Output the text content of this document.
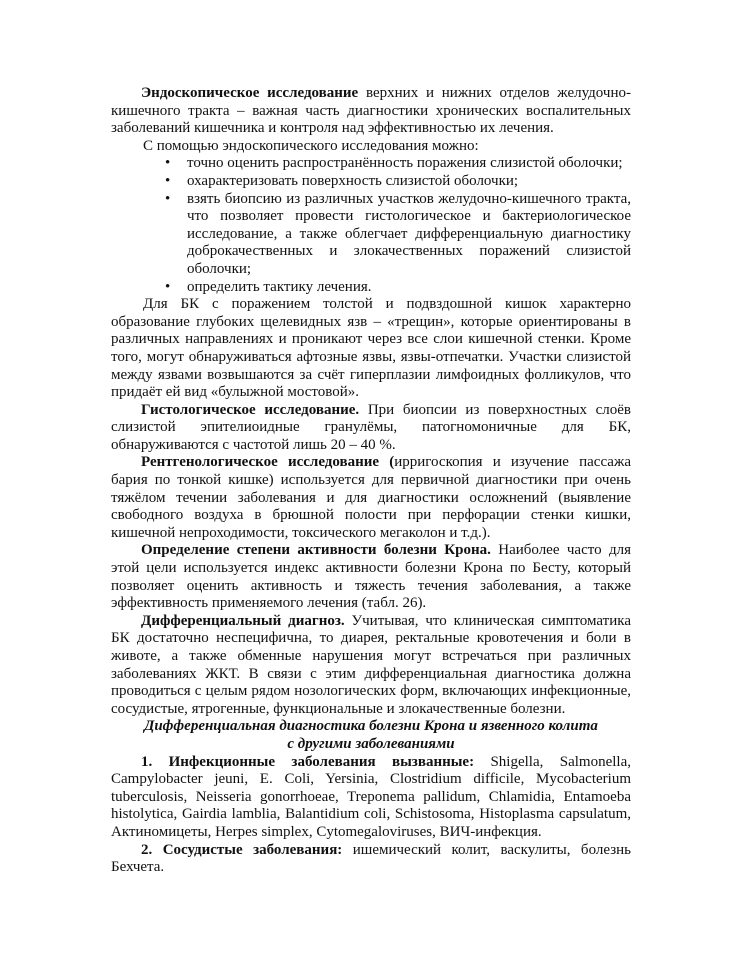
Эндоскопическое исследование верхних и нижних отделов желудочно-кишечного тракта – важная часть диагностики хронических воспалительных заболеваний кишечника и контроля над эффективностью их лечения.

С помощью эндоскопического исследования можно:

• точно оценить распространённость поражения слизистой оболочки;
• охарактеризовать поверхность слизистой оболочки;
• взять биопсию из различных участков желудочно-кишечного тракта, что позволяет провести гистологическое и бактериологическое исследование, а также облегчает дифференциальную диагностику доброкачественных и злокачественных поражений слизистой оболочки;
• определить тактику лечения.

Для БК с поражением толстой и подвздошной кишок характерно образование глубоких щелевидных язв – «трещин», которые ориентированы в различных направлениях и проникают через все слои кишечной стенки. Кроме того, могут обнаруживаться афтозные язвы, язвы-отпечатки. Участки слизистой между язвами возвышаются за счёт гиперплазии лимфоидных фолликулов, что придаёт ей вид «булыжной мостовой».

Гистологическое исследование. При биопсии из поверхностных слоёв слизистой эпителиоидные гранулёмы, патогномоничные для БК, обнаруживаются с частотой лишь 20 – 40 %.

Рентгенологическое исследование (ирригоскопия и изучение пассажа бария по тонкой кишке) используется для первичной диагностики при очень тяжёлом течении заболевания и для диагностики осложнений (выявление свободного воздуха в брюшной полости при перфорации стенки кишки, кишечной непроходимости, токсического мегаколон и т.д.).

Определение степени активности болезни Крона. Наиболее часто для этой цели используется индекс активности болезни Крона по Бесту, который позволяет оценить активность и тяжесть течения заболевания, а также эффективность применяемого лечения (табл. 26).

Дифференциальный диагноз. Учитывая, что клиническая симптоматика БК достаточно неспецифична, то диарея, ректальные кровотечения и боли в животе, а также обменные нарушения могут встречаться при различных заболеваниях ЖКТ. В связи с этим дифференциальная диагностика должна проводиться с целым рядом нозологических форм, включающих инфекционные, сосудистые, ятрогенные, функциональные и злокачественные болезни.

Дифференциальная диагностика болезни Крона и язвенного колита
с другими заболеваниями

1. Инфекционные заболевания вызванные: Shigella, Salmonella, Campylobacter jeuni, E. Coli, Yersinia, Clostridium difficile, Mycobacterium tuberculosis, Neisseria gonorrhoeae, Treponema pallidum, Chlamidia, Entamoeba histolytica, Gairdia lamblia, Balantidium coli, Schistosoma, Histoplasma capsulatum, Актиномицеты, Herpes simplex, Cytomegaloviruses, ВИЧ-инфекция.

2. Сосудистые заболевания: ишемический колит, васкулиты, болезнь Бехчета.
